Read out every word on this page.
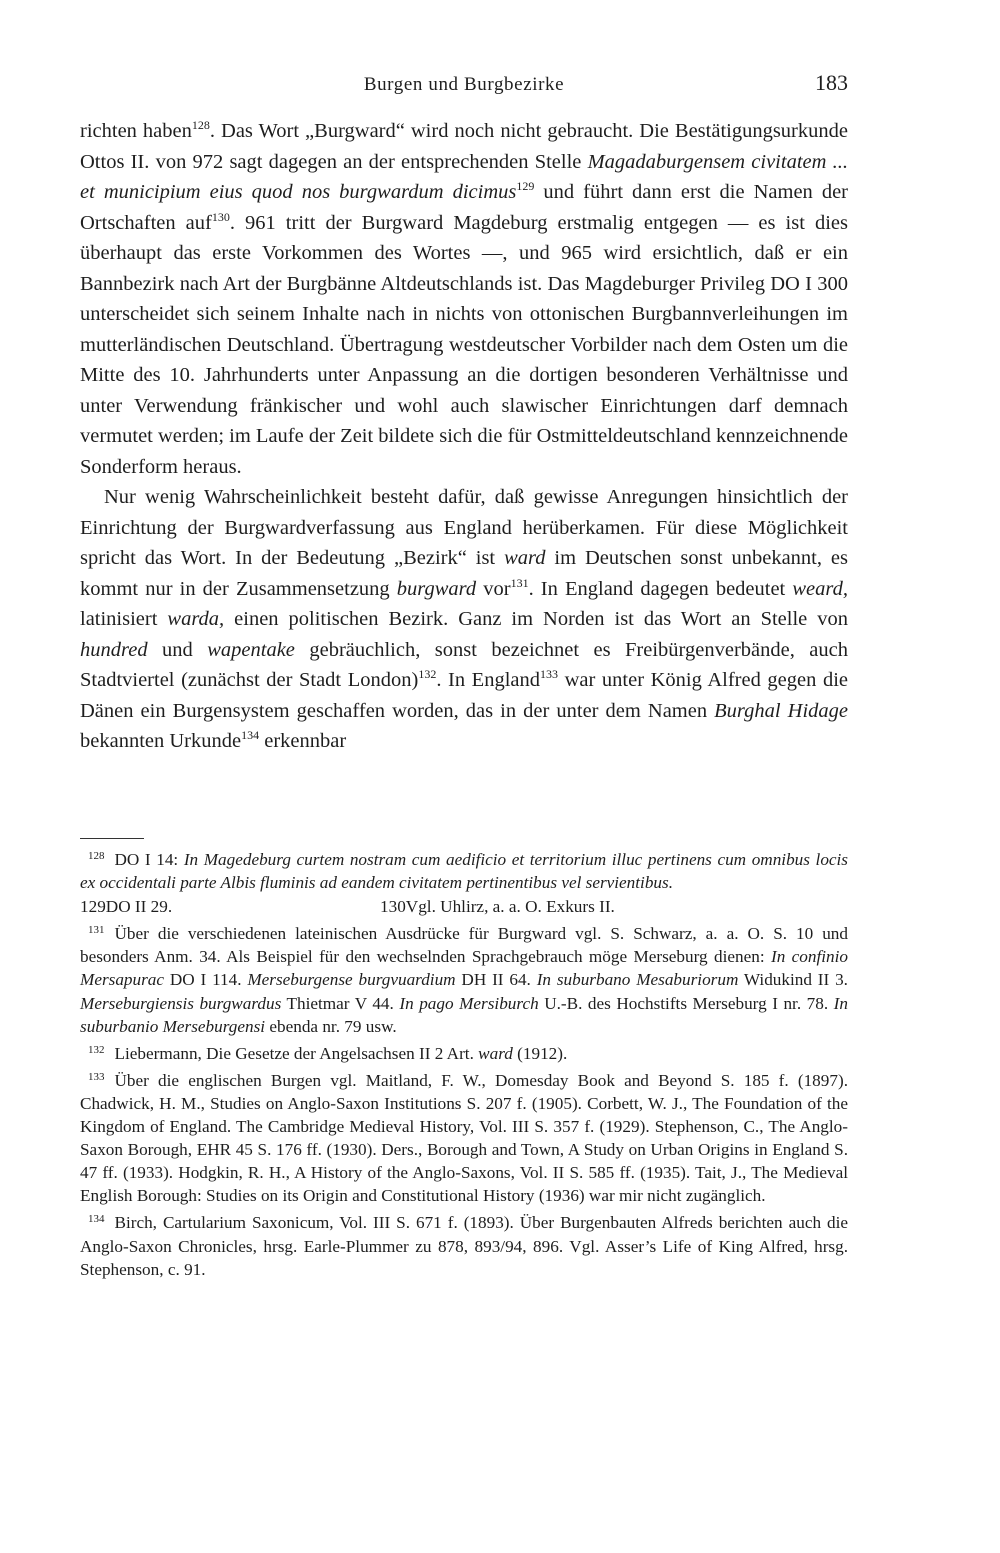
Burgen und Burgbezirke	183

richten haben$^{128}$. Das Wort „Burgward“ wird noch nicht gebraucht. Die Bestätigungsurkunde Ottos II. von 972 sagt dagegen an der entsprechenden Stelle Magadaburgensem civitatem ... et municipium eius quod nos burgwardum dicimus$^{129}$ und führt dann erst die Namen der Ortschaften auf$^{130}$. 961 tritt der Burgward Magdeburg erstmalig entgegen — es ist dies überhaupt das erste Vorkommen des Wortes —, und 965 wird ersichtlich, daß er ein Bannbezirk nach Art der Burgbänne Altdeutschlands ist. Das Magdeburger Privileg DO I 300 unterscheidet sich seinem Inhalte nach in nichts von ottonischen Burgbannverleihungen im mutterländischen Deutschland. Übertragung westdeutscher Vorbilder nach dem Osten um die Mitte des 10. Jahrhunderts unter Anpassung an die dortigen besonderen Verhältnisse und unter Verwendung fränkischer und wohl auch slawischer Einrichtungen darf demnach vermutet werden; im Laufe der Zeit bildete sich die für Ostmitteldeutschland kennzeichnende Sonderform heraus.

Nur wenig Wahrscheinlichkeit besteht dafür, daß gewisse Anregungen hinsichtlich der Einrichtung der Burgwardverfassung aus England herüberkamen. Für diese Möglichkeit spricht das Wort. In der Bedeutung „Bezirk“ ist ward im Deutschen sonst unbekannt, es kommt nur in der Zusammensetzung burgward vor$^{131}$. In England dagegen bedeutet weard, latinisiert warda, einen politischen Bezirk. Ganz im Norden ist das Wort an Stelle von hundred und wapentake gebräuchlich, sonst bezeichnet es Freibürgenverbände, auch Stadtviertel (zunächst der Stadt London)$^{132}$. In England$^{133}$ war unter König Alfred gegen die Dänen ein Burgensystem geschaffen worden, das in der unter dem Namen Burghal Hidage bekannten Urkunde$^{134}$ erkennbar

$^{128}$ DO I 14: In Magedeburg curtem nostram cum aedificio et territorium illuc pertinens cum omnibus locis ex occidentali parte Albis fluminis ad eandem civitatem pertinentibus vel servientibus.

129DO II 29.	130Vgl. Uhlirz, a. a. O. Exkurs II.

$^{131}$ Über die verschiedenen lateinischen Ausdrücke für Burgward vgl. S. Schwarz, a. a. O. S. 10 und besonders Anm. 34. Als Beispiel für den wechselnden Sprachgebrauch möge Merseburg dienen: In confinio Mersapurac DO I 114. Merseburgense burgvuardium DH II 64. In suburbano Mesaburiorum Widukind II 3. Merseburgiensis burgwardus Thietmar V 44. In pago Mersiburch U.-B. des Hochstifts Merseburg I nr. 78. In suburbanio Merseburgensi ebenda nr. 79 usw.

$^{132}$ Liebermann, Die Gesetze der Angelsachsen II 2 Art. ward (1912).

$^{133}$ Über die englischen Burgen vgl. Maitland, F. W., Domesday Book and Beyond S. 185 f. (1897). Chadwick, H. M., Studies on Anglo-Saxon Institutions S. 207 f. (1905). Corbett, W. J., The Foundation of the Kingdom of England. The Cambridge Medieval History, Vol. III S. 357 f. (1929). Stephenson, C., The Anglo-Saxon Borough, EHR 45 S. 176 ff. (1930). Ders., Borough and Town, A Study on Urban Origins in England S. 47 ff. (1933). Hodgkin, R. H., A History of the Anglo-Saxons, Vol. II S. 585 ff. (1935). Tait, J., The Medieval English Borough: Studies on its Origin and Constitutional History (1936) war mir nicht zugänglich.

$^{134}$ Birch, Cartularium Saxonicum, Vol. III S. 671 f. (1893). Über Burgenbauten Alfreds berichten auch die Anglo-Saxon Chronicles, hrsg. Earle-Plummer zu 878, 893/94, 896. Vgl. Asser’s Life of King Alfred, hrsg. Stephenson, c. 91.
